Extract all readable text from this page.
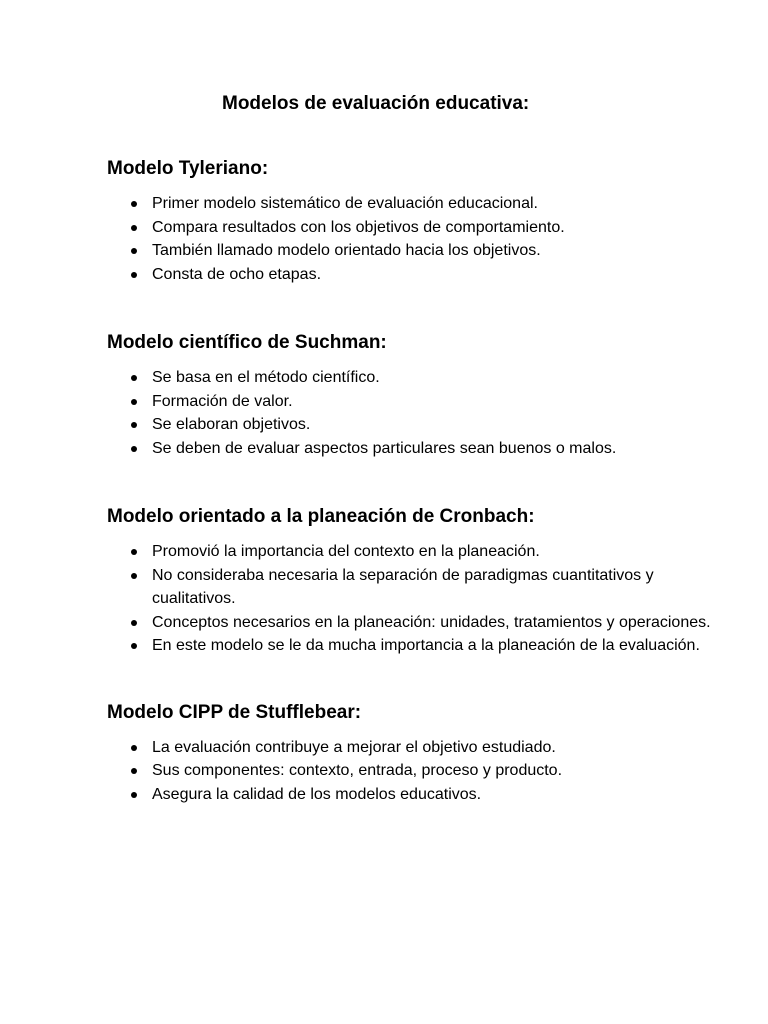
Modelos de evaluación educativa:
Modelo Tyleriano:
Primer modelo sistemático de evaluación educacional.
Compara resultados con los objetivos de comportamiento.
También llamado modelo orientado hacia los objetivos.
Consta de ocho etapas.
Modelo científico de Suchman:
Se basa en el método científico.
Formación de valor.
Se elaboran objetivos.
Se deben de evaluar aspectos particulares sean buenos o malos.
Modelo orientado a la planeación de Cronbach:
Promovió la importancia del contexto en la planeación.
No consideraba necesaria la separación de paradigmas cuantitativos y cualitativos.
Conceptos necesarios en la planeación: unidades, tratamientos y operaciones.
En este modelo se le da mucha importancia a la planeación de la evaluación.
Modelo CIPP de Stufflebear:
La evaluación contribuye a mejorar el objetivo estudiado.
Sus componentes: contexto, entrada, proceso y producto.
Asegura la calidad de los modelos educativos.
